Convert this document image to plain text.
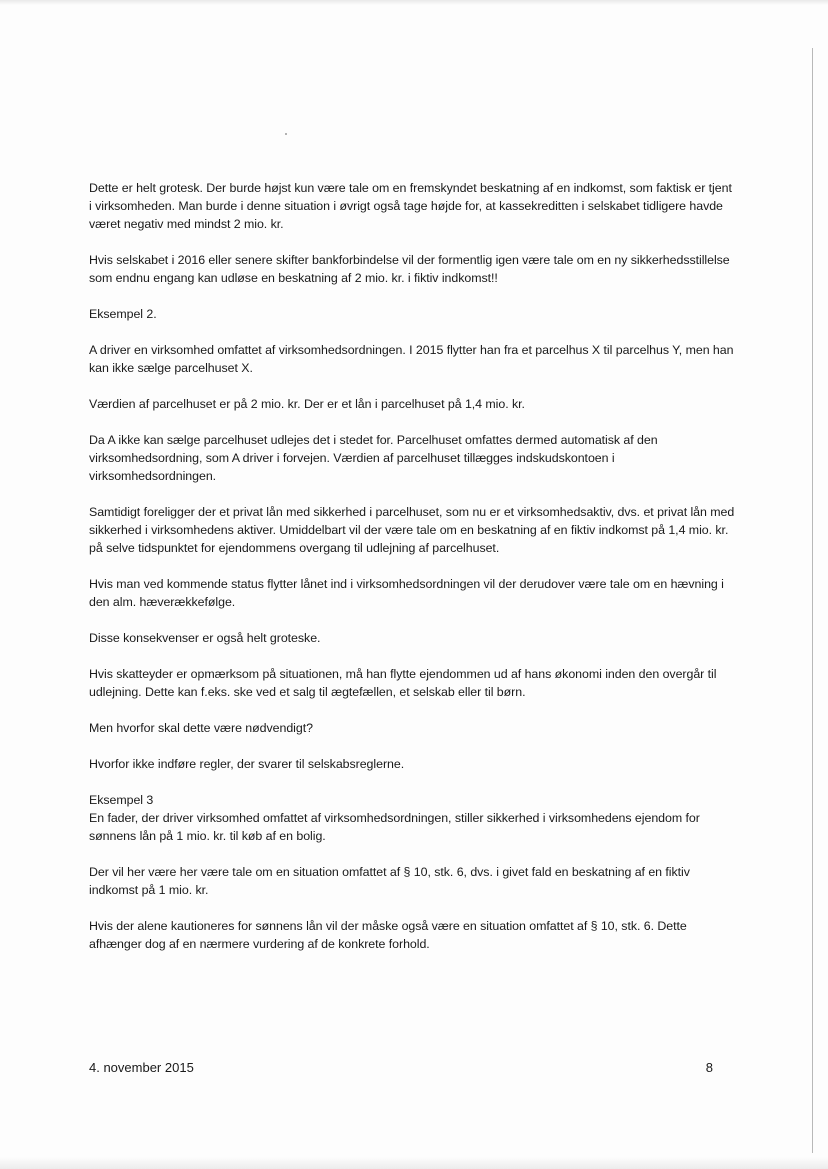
Dette er helt grotesk. Der burde højst kun være tale om en fremskyndet beskatning af en indkomst, som faktisk er tjent i virksomheden. Man burde i denne situation i øvrigt også tage højde for, at kassekreditten i selskabet tidligere havde været negativ med mindst 2 mio. kr.

Hvis selskabet i 2016 eller senere skifter bankforbindelse vil der formentlig igen være tale om en ny sikkerhedsstillelse som endnu engang kan udløse en beskatning af 2 mio. kr. i fiktiv indkomst!!

Eksempel 2.

A driver en virksomhed omfattet af virksomhedsordningen. I 2015 flytter han fra et parcelhus X til parcelhus Y, men han kan ikke sælge parcelhuset X.

Værdien af parcelhuset er på 2 mio. kr. Der er et lån i parcelhuset på 1,4 mio. kr.

Da A ikke kan sælge parcelhuset udlejes det i stedet for. Parcelhuset omfattes dermed automatisk af den virksomhedsordning, som A driver i forvejen. Værdien af parcelhuset tillægges indskudskontoen i virksomhedsordningen.

Samtidigt foreligger der et privat lån med sikkerhed i parcelhuset, som nu er et virksomhedsaktiv, dvs. et privat lån med sikkerhed i virksomhedens aktiver. Umiddelbart vil der være tale om en beskatning af en fiktiv indkomst på 1,4 mio. kr. på selve tidspunktet for ejendommens overgang til udlejning af parcelhuset.

Hvis man ved kommende status flytter lånet ind i virksomhedsordningen vil der derudover være tale om en hævning i den alm. hæverækkefølge.

Disse konsekvenser er også helt groteske.

Hvis skatteyder er opmærksom på situationen, må han flytte ejendommen ud af hans økonomi inden den overgår til udlejning. Dette kan f.eks. ske ved et salg til ægtefællen, et selskab eller til børn.

Men hvorfor skal dette være nødvendigt?

Hvorfor ikke indføre regler, der svarer til selskabsreglerne.

Eksempel 3

En fader, der driver virksomhed omfattet af virksomhedsordningen, stiller sikkerhed i virksomhedens ejendom for sønnens lån på 1 mio. kr. til køb af en bolig.

Der vil her være her være tale om en situation omfattet af § 10, stk. 6, dvs. i givet fald en beskatning af en fiktiv indkomst på 1 mio. kr.

Hvis der alene kautioneres for sønnens lån vil der måske også være en situation omfattet af § 10, stk. 6. Dette afhænger dog af en nærmere vurdering af de konkrete forhold.

4. november 2015	8
